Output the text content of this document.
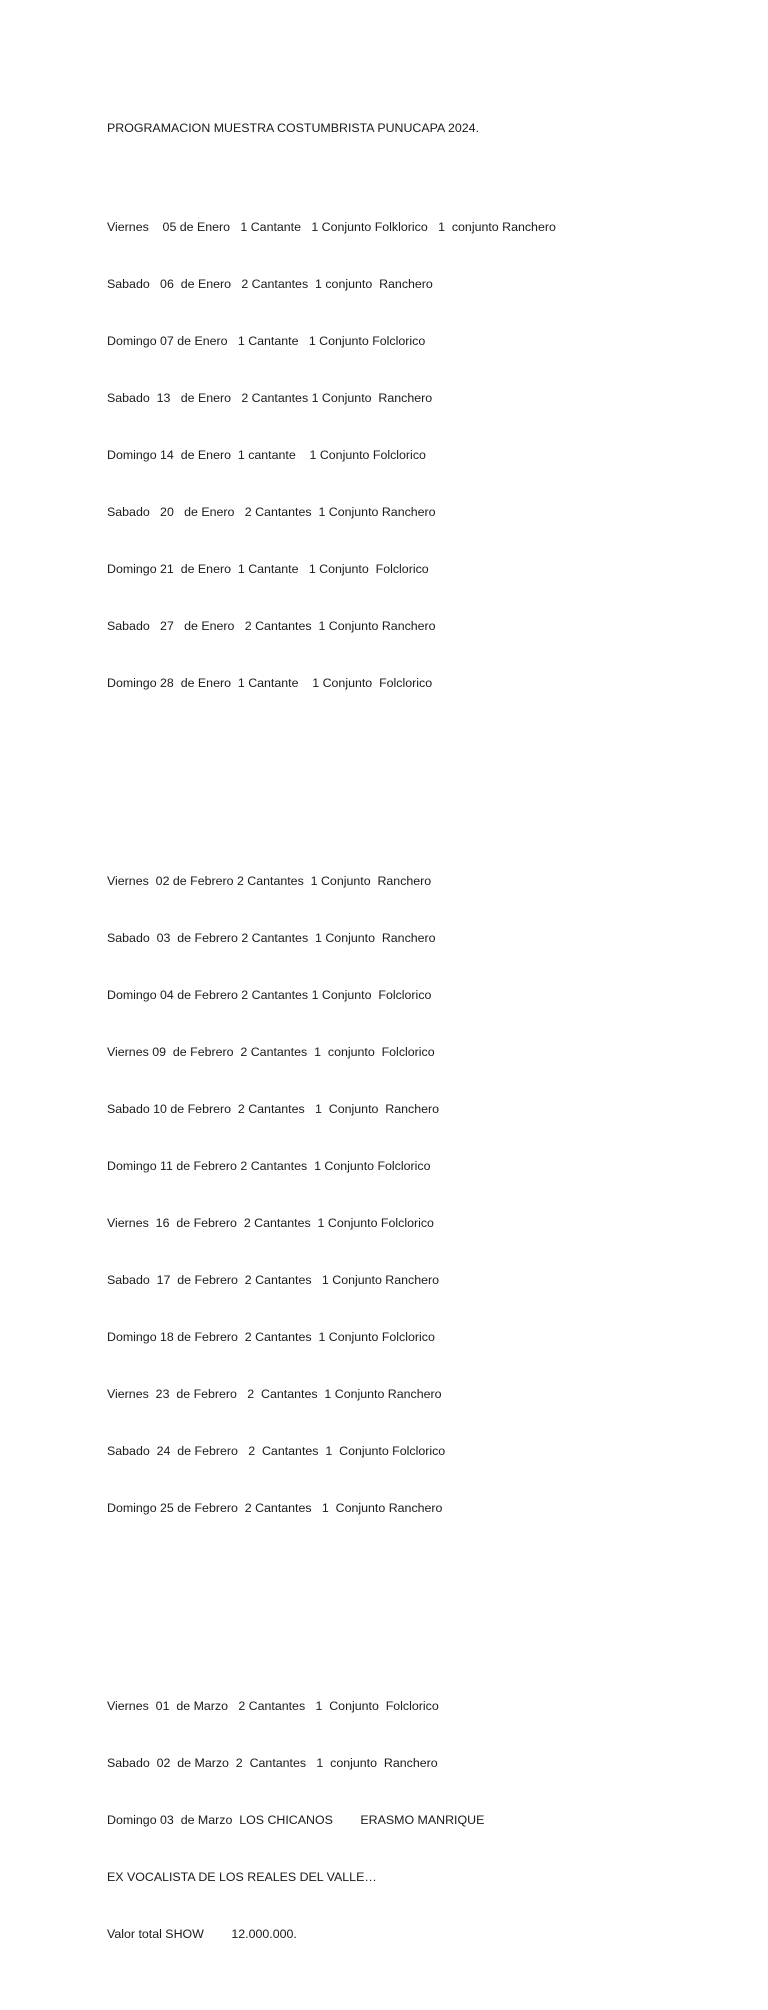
PROGRAMACION MUESTRA COSTUMBRISTA PUNUCAPA 2024.

Viernes    05 de Enero   1 Cantante   1 Conjunto Folklorico   1  conjunto Ranchero

Sabado   06  de Enero   2 Cantantes  1 conjunto  Ranchero

Domingo 07 de Enero   1 Cantante   1 Conjunto Folclorico

Sabado  13   de Enero   2 Cantantes 1 Conjunto  Ranchero

Domingo 14  de Enero  1 cantante    1 Conjunto Folclorico

Sabado   20   de Enero   2 Cantantes  1 Conjunto Ranchero

Domingo 21  de Enero  1 Cantante   1 Conjunto  Folclorico

Sabado   27   de Enero   2 Cantantes  1 Conjunto Ranchero

Domingo 28  de Enero  1 Cantante    1 Conjunto  Folclorico

Viernes  02 de Febrero 2 Cantantes  1 Conjunto  Ranchero

Sabado  03  de Febrero 2 Cantantes  1 Conjunto  Ranchero

Domingo 04 de Febrero 2 Cantantes 1 Conjunto  Folclorico

Viernes 09  de Febrero  2 Cantantes  1  conjunto  Folclorico

Sabado 10 de Febrero  2 Cantantes   1  Conjunto  Ranchero

Domingo 11 de Febrero 2 Cantantes  1 Conjunto Folclorico

Viernes  16  de Febrero  2 Cantantes  1 Conjunto Folclorico

Sabado  17  de Febrero  2 Cantantes   1 Conjunto Ranchero

Domingo 18 de Febrero  2 Cantantes  1 Conjunto Folclorico

Viernes  23  de Febrero   2  Cantantes  1 Conjunto Ranchero

Sabado  24  de Febrero   2  Cantantes  1  Conjunto Folclorico

Domingo 25 de Febrero  2 Cantantes   1  Conjunto Ranchero

Viernes  01  de Marzo   2 Cantantes   1  Conjunto  Folclorico

Sabado  02  de Marzo  2  Cantantes   1  conjunto  Ranchero

Domingo 03  de Marzo  LOS CHICANOS        ERASMO MANRIQUE

EX VOCALISTA DE LOS REALES DEL VALLE…

Valor total SHOW        12.000.000.
